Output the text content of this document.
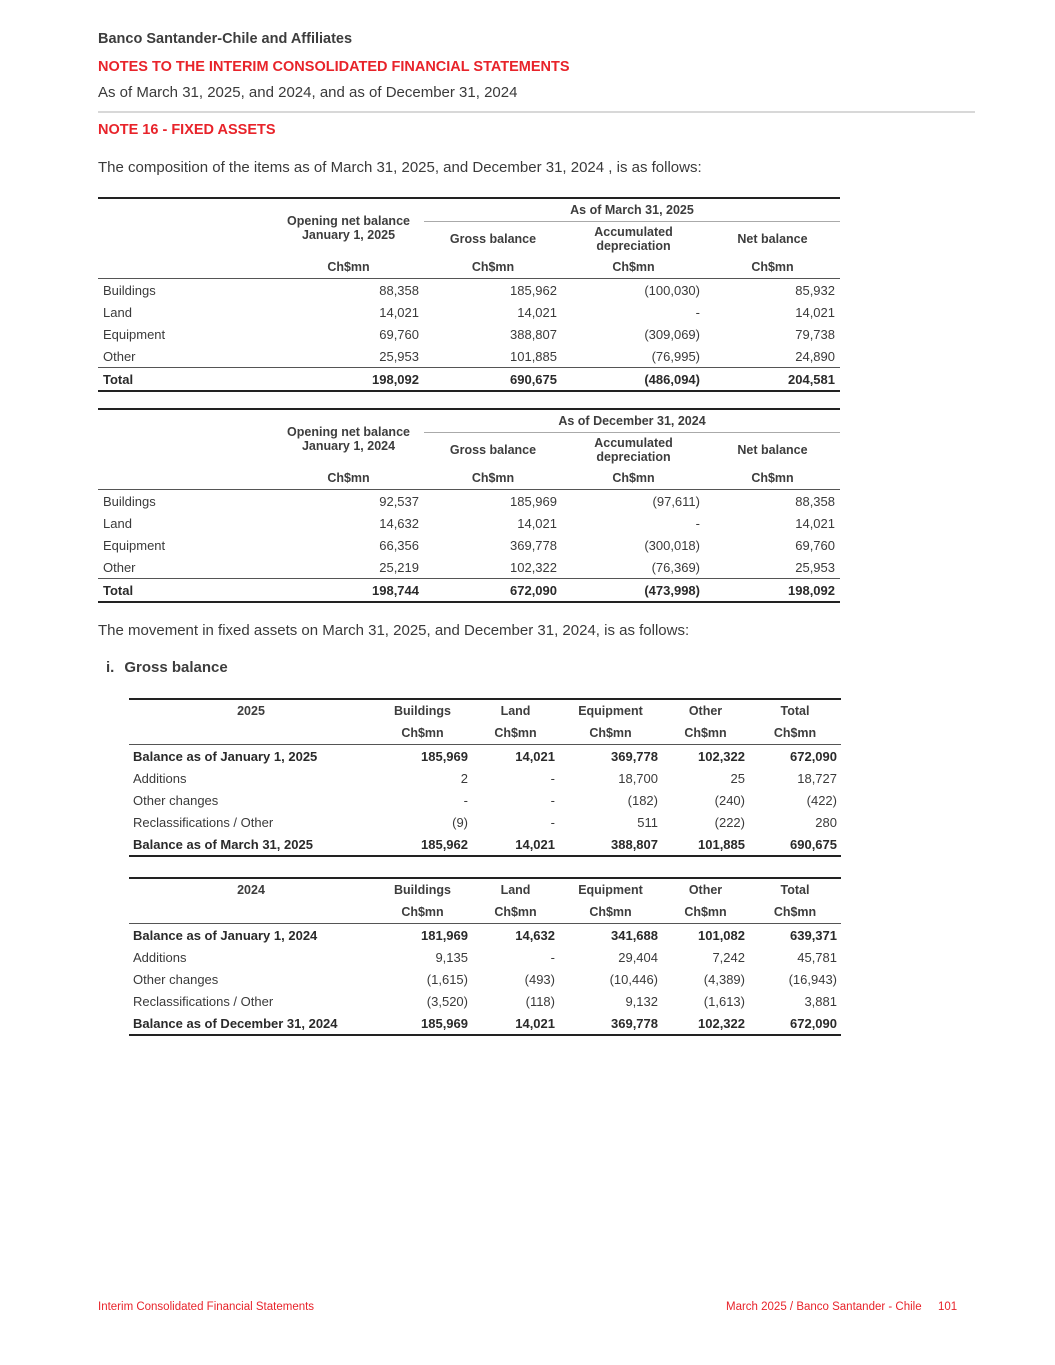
Banco Santander-Chile and Affiliates
NOTES TO THE INTERIM CONSOLIDATED FINANCIAL STATEMENTS
As of March 31, 2025, and 2024, and as of December 31, 2024
NOTE 16 - FIXED ASSETS
The composition of the items as of March 31, 2025, and December 31, 2024 , is as follows:
	Opening net balance January 1, 2025	As of March 31, 2025		
		Gross balance	Accumulated depreciation	Net balance
	Ch$mn	Ch$mn	Ch$mn	Ch$mn
Buildings	88,358	185,962	(100,030)	85,932
Land	14,021	14,021	-	14,021
Equipment	69,760	388,807	(309,069)	79,738
Other	25,953	101,885	(76,995)	24,890
Total	198,092	690,675	(486,094)	204,581
	Opening net balance January 1, 2024	As of December 31, 2024		
		Gross balance	Accumulated depreciation	Net balance
	Ch$mn	Ch$mn	Ch$mn	Ch$mn
Buildings	92,537	185,969	(97,611)	88,358
Land	14,632	14,021	-	14,021
Equipment	66,356	369,778	(300,018)	69,760
Other	25,219	102,322	(76,369)	25,953
Total	198,744	672,090	(473,998)	198,092
The movement in fixed assets on March 31, 2025, and December 31, 2024, is as follows:
i. Gross balance
2025	Buildings	Land	Equipment	Other	Total
	Ch$mn	Ch$mn	Ch$mn	Ch$mn	Ch$mn
Balance as of January 1, 2025	185,969	14,021	369,778	102,322	672,090
Additions	2	-	18,700	25	18,727
Other changes	-	-	(182)	(240)	(422)
Reclassifications / Other	(9)	-	511	(222)	280
Balance as of March 31, 2025	185,962	14,021	388,807	101,885	690,675
2024	Buildings	Land	Equipment	Other	Total
	Ch$mn	Ch$mn	Ch$mn	Ch$mn	Ch$mn
Balance as of January 1, 2024	181,969	14,632	341,688	101,082	639,371
Additions	9,135	-	29,404	7,242	45,781
Other changes	(1,615)	(493)	(10,446)	(4,389)	(16,943)
Reclassifications / Other	(3,520)	(118)	9,132	(1,613)	3,881
Balance as of December 31, 2024	185,969	14,021	369,778	102,322	672,090
Interim Consolidated Financial Statements	March 2025 / Banco Santander - Chile 101
